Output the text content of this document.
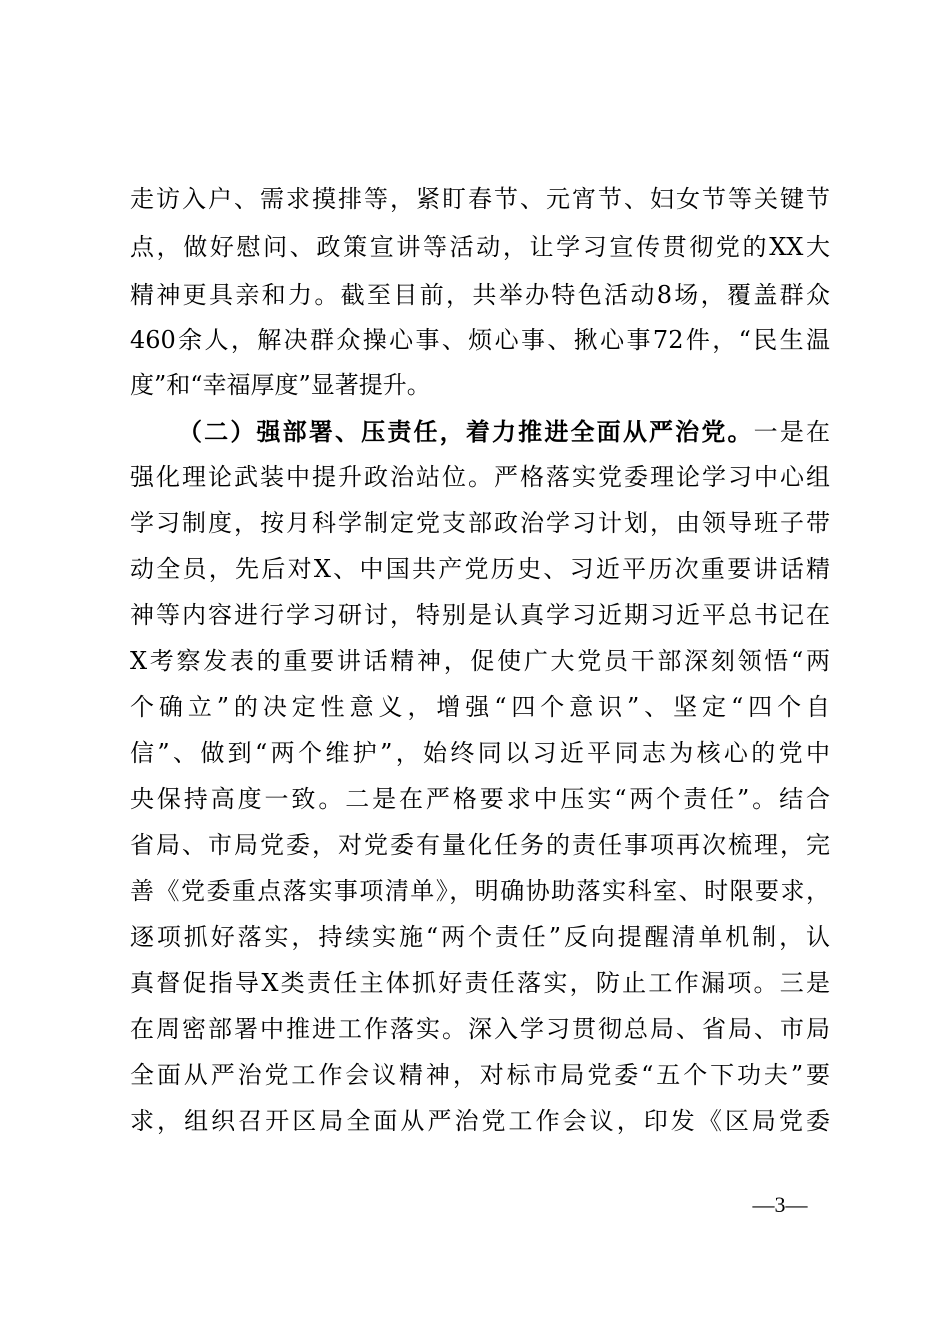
走访入户、需求摸排等，紧盯春节、元宵节、妇女节等关键节
点，做好慰问、政策宣讲等活动，让学习宣传贯彻党的XX大
精神更具亲和力。截至目前，共举办特色活动8场，覆盖群众
460余人，解决群众操心事、烦心事、揪心事72件，“民生温
度”和“幸福厚度”显著提升。
（二）强部署、压责任，着力推进全面从严治党。一是在
强化理论武装中提升政治站位。严格落实党委理论学习中心组
学习制度，按月科学制定党支部政治学习计划，由领导班子带
动全员，先后对X、中国共产党历史、习近平历次重要讲话精
神等内容进行学习研讨，特别是认真学习近期习近平总书记在
X考察发表的重要讲话精神，促使广大党员干部深刻领悟“两
个确立”的决定性意义，增强“四个意识”、坚定“四个自
信”、做到“两个维护”，始终同以习近平同志为核心的党中
央保持高度一致。二是在严格要求中压实“两个责任”。结合
省局、市局党委，对党委有量化任务的责任事项再次梳理，完
善《党委重点落实事项清单》，明确协助落实科室、时限要求，
逐项抓好落实，持续实施“两个责任”反向提醒清单机制，认
真督促指导X类责任主体抓好责任落实，防止工作漏项。三是
在周密部署中推进工作落实。深入学习贯彻总局、省局、市局
全面从严治党工作会议精神，对标市局党委“五个下功夫”要
求，组织召开区局全面从严治党工作会议，印发《区局党委
—3—
